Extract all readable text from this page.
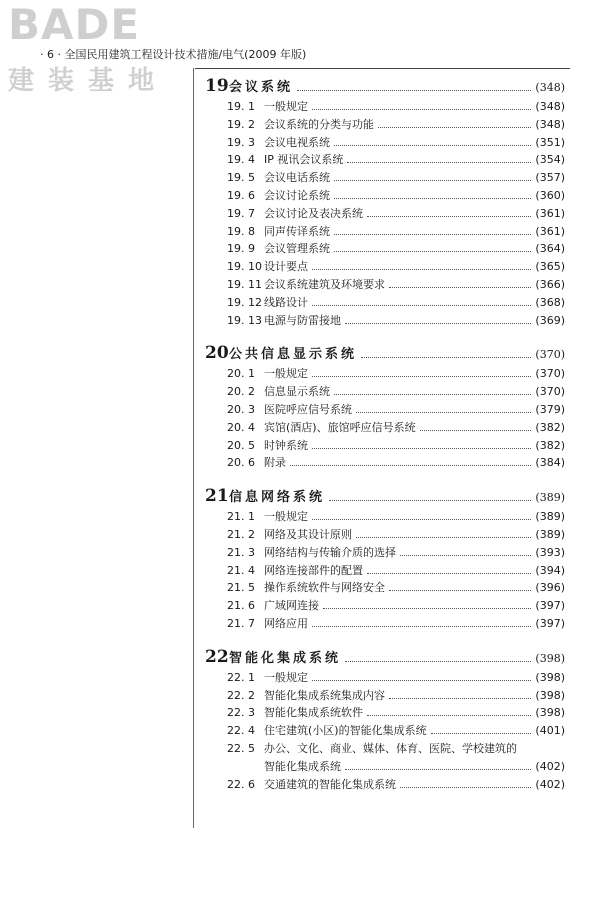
BADE
建装基地
· 6 · 全国民用建筑工程设计技术措施/电气(2009 年版)
19 会议系统	(348)
19. 1 一般规定	(348)
19. 2 会议系统的分类与功能	(348)
19. 3 会议电视系统	(351)
19. 4 IP 视讯会议系统	(354)
19. 5 会议电话系统	(357)
19. 6 会议讨论系统	(360)
19. 7 会议讨论及表决系统	(361)
19. 8 同声传译系统	(361)
19. 9 会议管理系统	(364)
19. 10 设计要点	(365)
19. 11 会议系统建筑及环境要求	(366)
19. 12 线路设计	(368)
19. 13 电源与防雷接地	(369)
20 公共信息显示系统	(370)
20. 1 一般规定	(370)
20. 2 信息显示系统	(370)
20. 3 医院呼应信号系统	(379)
20. 4 宾馆(酒店)、旅馆呼应信号系统	(382)
20. 5 时钟系统	(382)
20. 6 附录	(384)
21 信息网络系统	(389)
21. 1 一般规定	(389)
21. 2 网络及其设计原则	(389)
21. 3 网络结构与传输介质的选择	(393)
21. 4 网络连接部件的配置	(394)
21. 5 操作系统软件与网络安全	(396)
21. 6 广域网连接	(397)
21. 7 网络应用	(397)
22 智能化集成系统	(398)
22. 1 一般规定	(398)
22. 2 智能化集成系统集成内容	(398)
22. 3 智能化集成系统软件	(398)
22. 4 住宅建筑(小区)的智能化集成系统	(401)
22. 5 办公、文化、商业、媒体、体育、医院、学校建筑的
智能化集成系统	(402)
22. 6 交通建筑的智能化集成系统	(402)
